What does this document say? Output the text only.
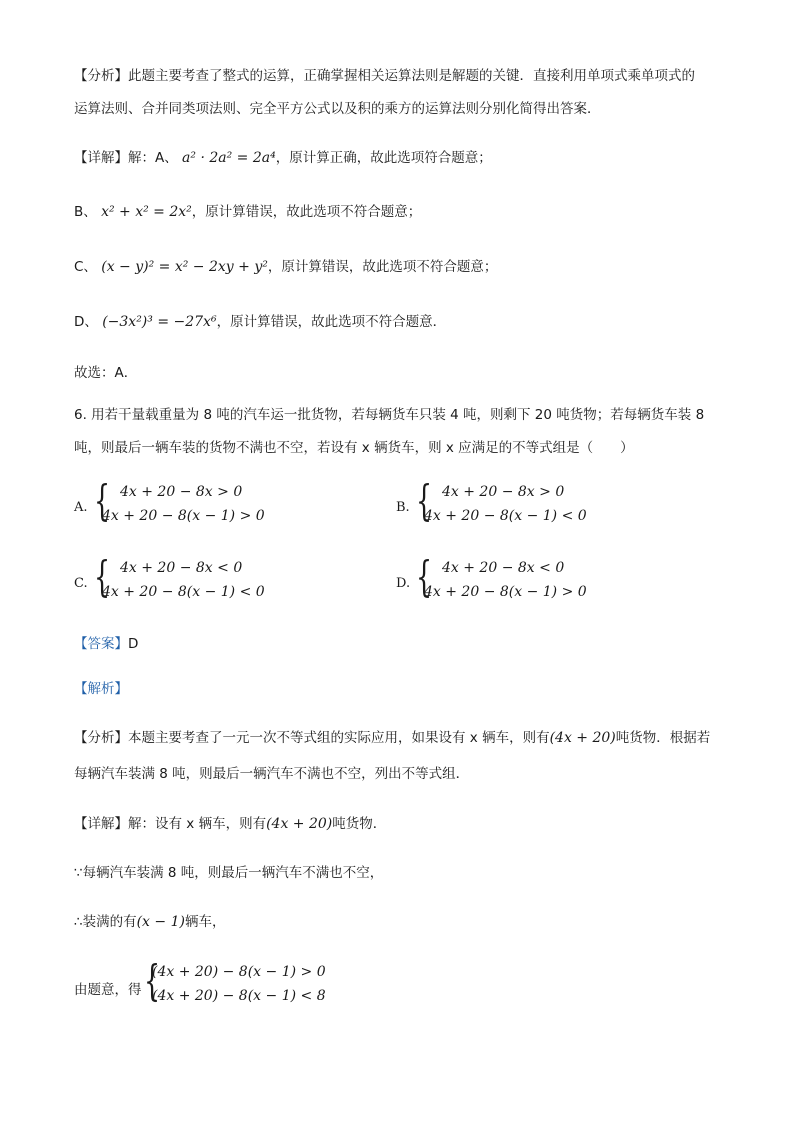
【分析】此题主要考查了整式的运算，正确掌握相关运算法则是解题的关键．直接利用单项式乘单项式的
运算法则、合并同类项法则、完全平方公式以及积的乘方的运算法则分别化简得出答案．
【详解】解：A、 a² · 2a² = 2a⁴，原计算正确，故此选项符合题意；
B、 x² + x² = 2x²，原计算错误，故此选项不符合题意；
C、 (x − y)² = x² − 2xy + y²，原计算错误，故此选项不符合题意；
D、 (−3x²)³ = −27x⁶，原计算错误，故此选项不符合题意．
故选：A．
6. 用若干量载重量为 8 吨的汽车运一批货物，若每辆货车只装 4 吨，则剩下 20 吨货物；若每辆货车装 8
吨，则最后一辆车装的货物不满也不空，若设有 x 辆货车，则 x 应满足的不等式组是（　　）
A. { 4x + 20 − 8x > 0
4x + 20 − 8(x − 1) > 0
B. { 4x + 20 − 8x > 0
4x + 20 − 8(x − 1) < 0
C. { 4x + 20 − 8x < 0
4x + 20 − 8(x − 1) < 0
D. { 4x + 20 − 8x < 0
4x + 20 − 8(x − 1) > 0
【答案】D
【解析】
【分析】本题主要考查了一元一次不等式组的实际应用，如果设有 x 辆车，则有(4x + 20)吨货物．根据若
每辆汽车装满 8 吨，则最后一辆汽车不满也不空，列出不等式组．
【详解】解：设有 x 辆车，则有(4x + 20)吨货物．
∵每辆汽车装满 8 吨，则最后一辆汽车不满也不空，
∴装满的有(x − 1)辆车，
由题意，得 {
(4x + 20) − 8(x − 1) > 0
(4x + 20) − 8(x − 1) < 8
